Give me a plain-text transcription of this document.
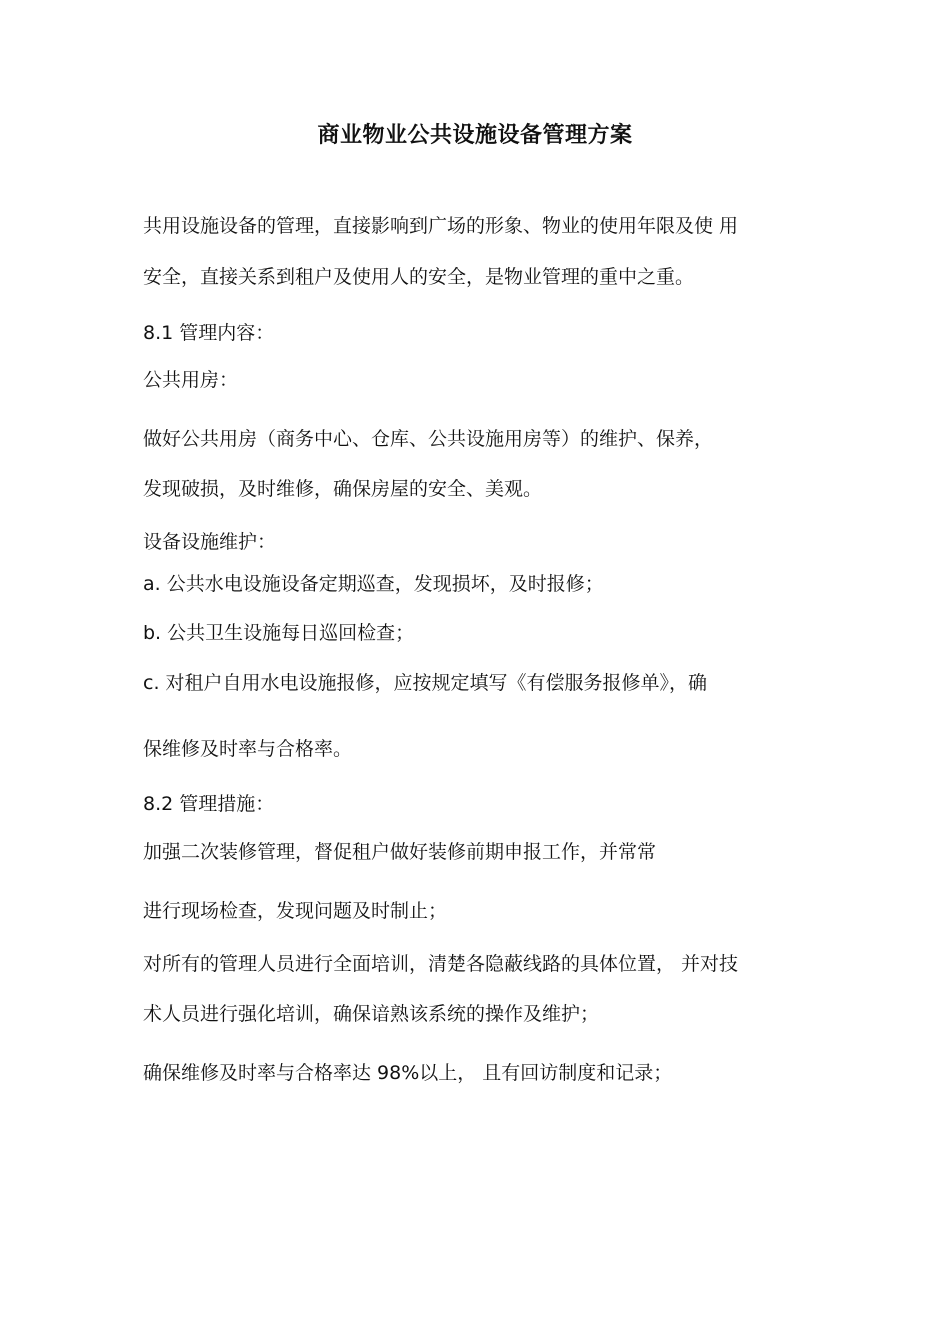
商业物业公共设施设备管理方案
共用设施设备的管理，直接影响到广场的形象、物业的使用年限及使 用
安全，直接关系到租户及使用人的安全，是物业管理的重中之重。
8.1 管理内容：
公共用房：
做好公共用房（商务中心、仓库、公共设施用房等）的维护、保养，
发现破损，及时维修，确保房屋的安全、美观。
设备设施维护：
a. 公共水电设施设备定期巡查，发现损坏，及时报修；
b. 公共卫生设施每日巡回检查；
c. 对租户自用水电设施报修，应按规定填写《有偿服务报修单》，确
保维修及时率与合格率。
8.2 管理措施：
加强二次装修管理，督促租户做好装修前期申报工作，并常常
进行现场检查，发现问题及时制止；
对所有的管理人员进行全面培训，清楚各隐蔽线路的具体位置， 并对技
术人员进行强化培训，确保谙熟该系统的操作及维护；
确保维修及时率与合格率达 98%以上， 且有回访制度和记录；
